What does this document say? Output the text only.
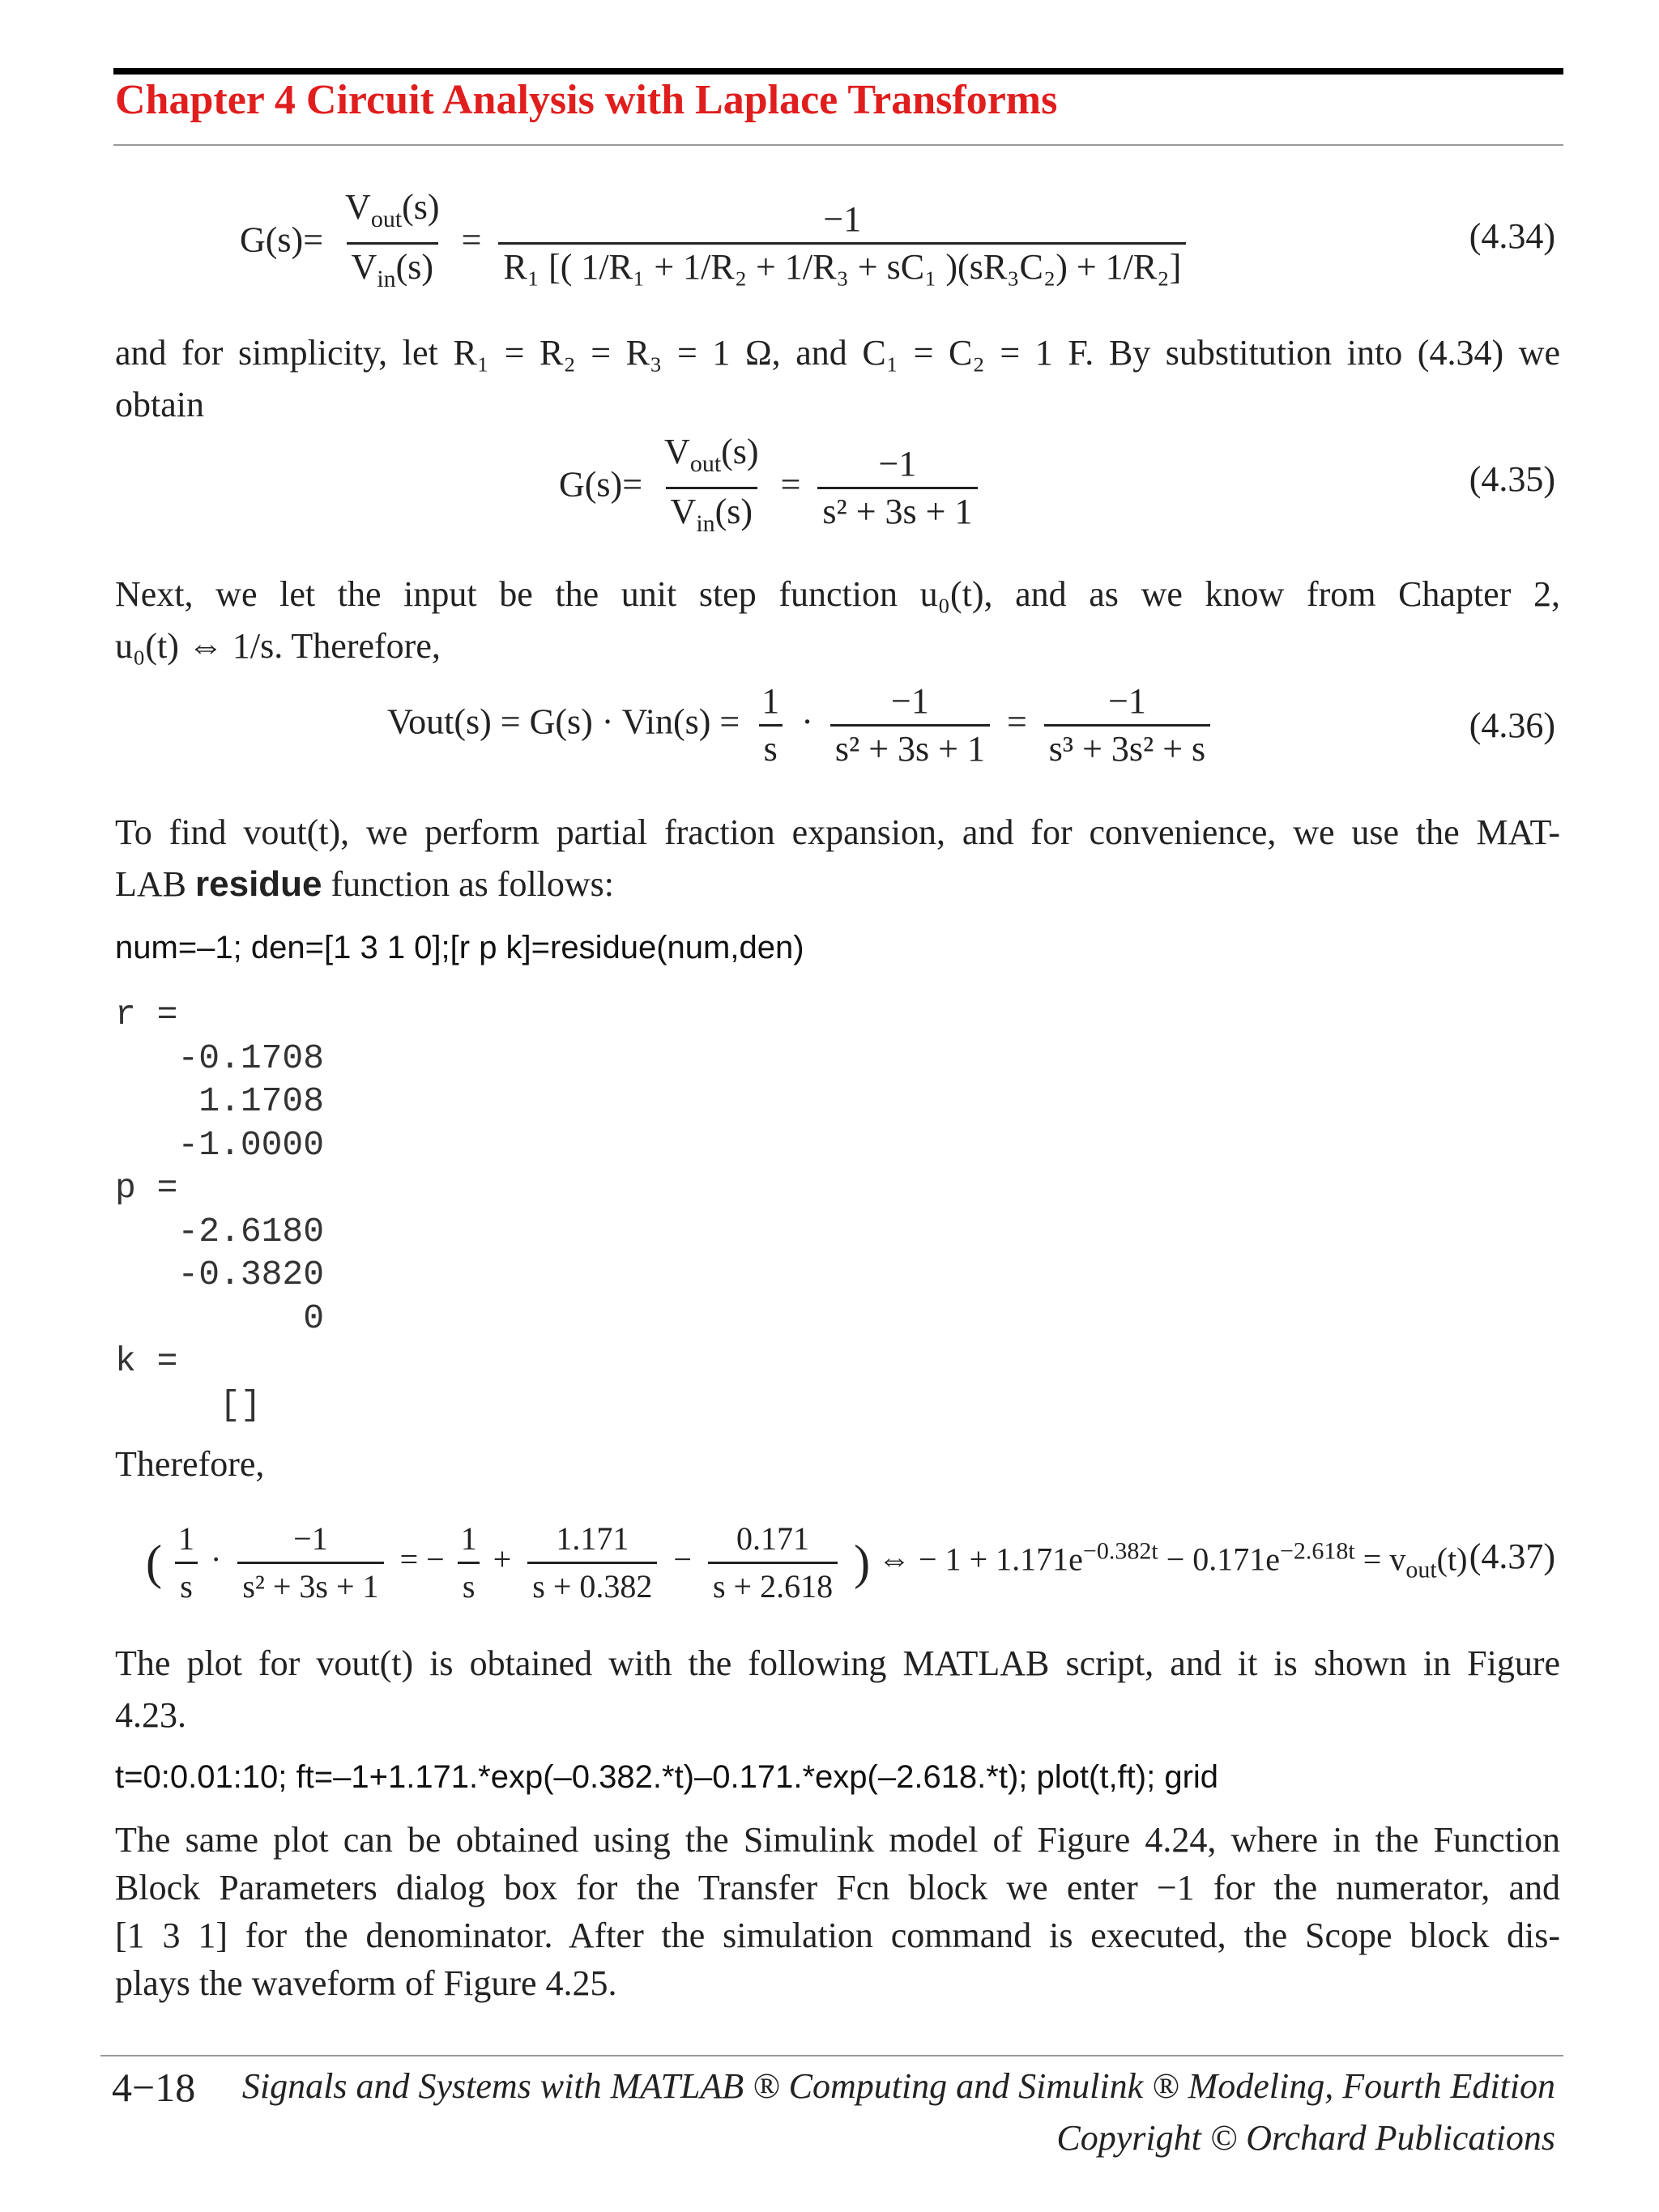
Chapter 4 Circuit Analysis with Laplace Transforms
$G(s)= \frac{V_{out}(s)}{V_{in}(s)} = \frac{-1}{\text{R₁ [( 1/R₁ + 1/R₂ + 1/R₃ + sC₁ )(sR₃C₂) + 1/R₂]}}$	(4.34)
and for simplicity, let R₁ = R₂ = R₃ = 1 Ω, and C₁ = C₂ = 1 F. By substitution into (4.34) we
obtain
$G(s)= \frac{V_{out}(s)}{V_{in}(s)} = \frac{-1}{\text{s² + 3s + 1}}$	(4.35)
Next, we let the input be the unit step function u₀(t), and as we know from Chapter 2,
u₀(t) ⇔ 1/s. Therefore,
Vout(s) = $G(s) \cdot Vin(s) = \frac{1}{s} \cdot \frac{-1}{\text{s² + 3s + 1}} = \frac{-1}{\text{s³ + 3s² + s}}$	(4.36)
To find vout(t), we perform partial fraction expansion, and for convenience, we use the MAT-
LAB residue function as follows:
num=–1; den=[1 3 1 0];[r p k]=residue(num,den)
r =
-0.1708
1.1708
-1.0000
p =
-2.6180
-0.3820
0
k =
[]
Therefore,
( $\frac{1}{s} \cdot \frac{-1}{\text{s² + 3s + 1}}$ = − $\frac{1}{s} + \frac{1.171}{s + 0.382} - \frac{0.171}{s + 2.618}$ ) ⇔ − $1 + 1.171e^{-0.382t} - 0.171e^{-2.618t} = v_{out}(t)$ (4.37)
The plot for vout(t) is obtained with the following MATLAB script, and it is shown in Figure
4.23.
t=0:0.01:10; ft=–1+1.171.*exp(–0.382.*t)–0.171.*exp(–2.618.*t); plot(t,ft); grid
The same plot can be obtained using the Simulink model of Figure 4.24, where in the Function
Block Parameters dialog box for the Transfer Fcn block we enter −1 for the numerator, and
[1 3 1] for the denominator. After the simulation command is executed, the Scope block dis-
plays the waveform of Figure 4.25.
4−18 Signals and Systems with MATLAB ® Computing and Simulink ® Modeling, Fourth Edition
Copyright © Orchard Publications
